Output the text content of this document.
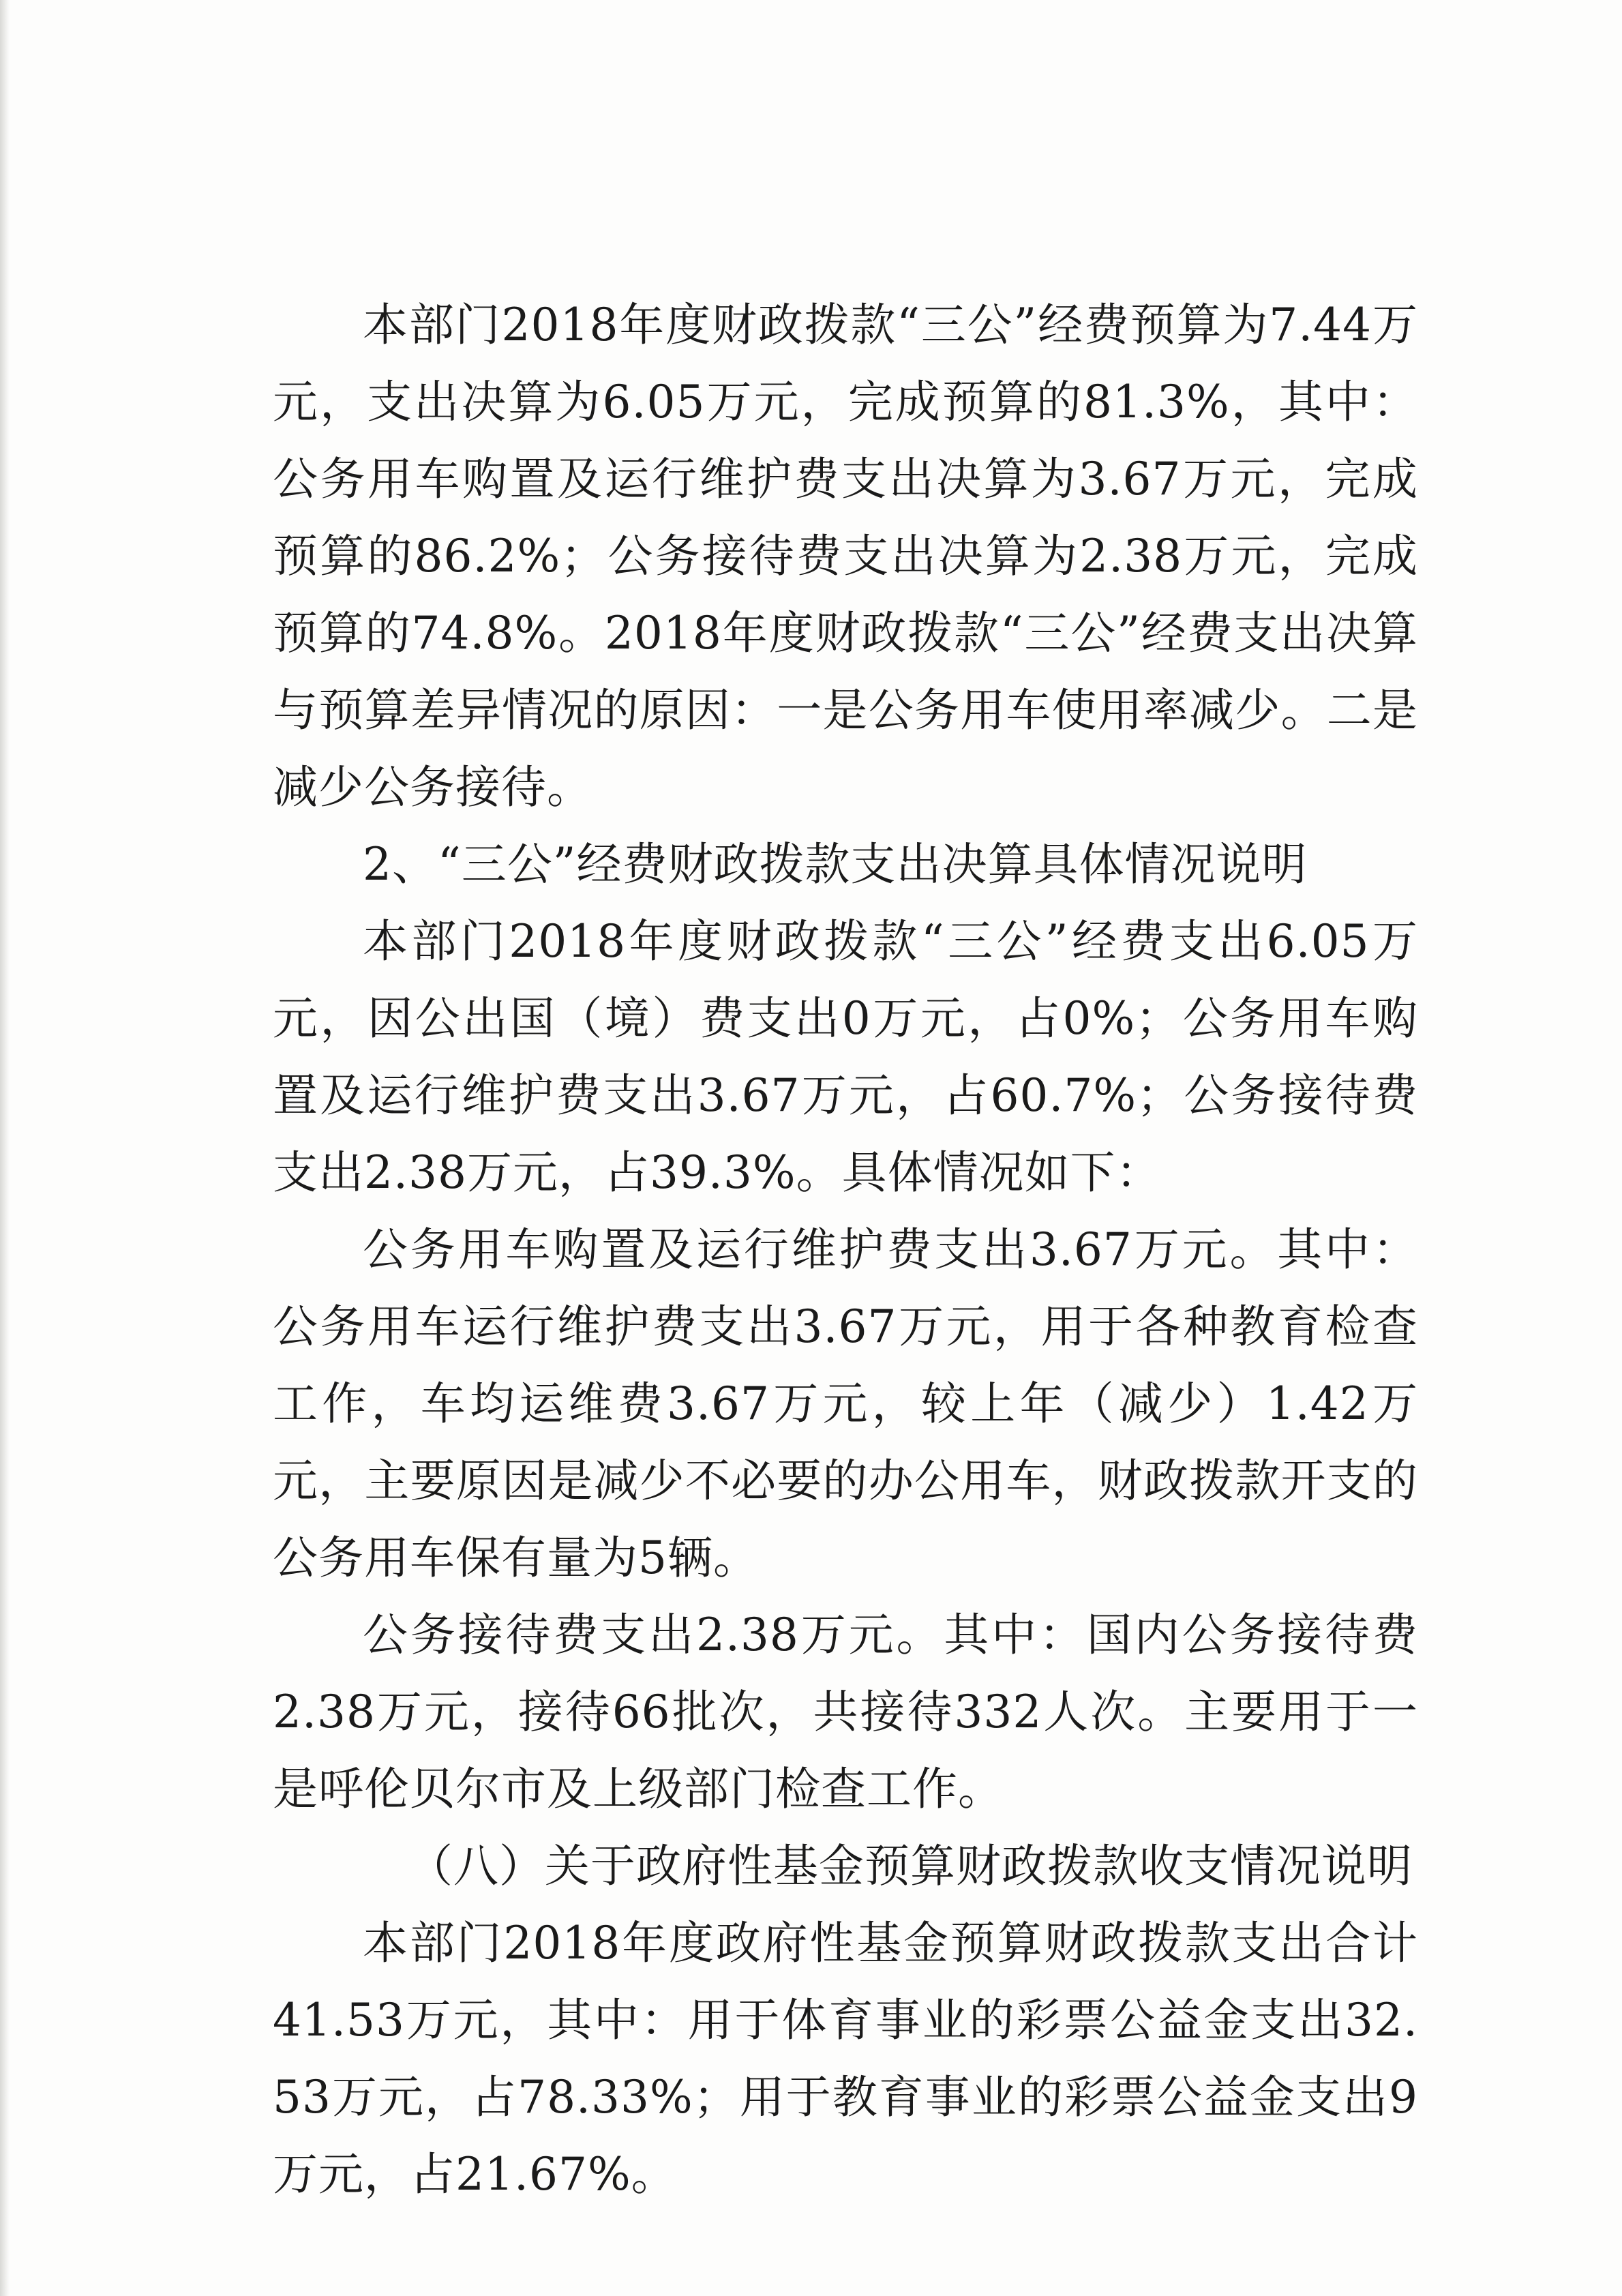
本部门2018年度财政拨款“三公”经费预算为7.44万元，支出决算为6.05万元，完成预算的81.3%，其中：公务用车购置及运行维护费支出决算为3.67万元，完成预算的86.2%；公务接待费支出决算为2.38万元，完成预算的74.8%。2018年度财政拨款“三公”经费支出决算与预算差异情况的原因：一是公务用车使用率减少。二是减少公务接待。

2、“三公”经费财政拨款支出决算具体情况说明

本部门2018年度财政拨款“三公”经费支出6.05万元，因公出国（境）费支出0万元，占0%；公务用车购置及运行维护费支出3.67万元，占60.7%；公务接待费支出2.38万元，占39.3%。具体情况如下：

公务用车购置及运行维护费支出3.67万元。其中：公务用车运行维护费支出3.67万元，用于各种教育检查工作，车均运维费3.67万元，较上年（减少）1.42万元，主要原因是减少不必要的办公用车，财政拨款开支的公务用车保有量为5辆。

公务接待费支出2.38万元。其中：国内公务接待费2.38万元，接待66批次，共接待332人次。主要用于一是呼伦贝尔市及上级部门检查工作。

（八）关于政府性基金预算财政拨款收支情况说明

本部门2018年度政府性基金预算财政拨款支出合计41.53万元，其中：用于体育事业的彩票公益金支出32.53万元，占78.33%；用于教育事业的彩票公益金支出9万元，占21.67%。
